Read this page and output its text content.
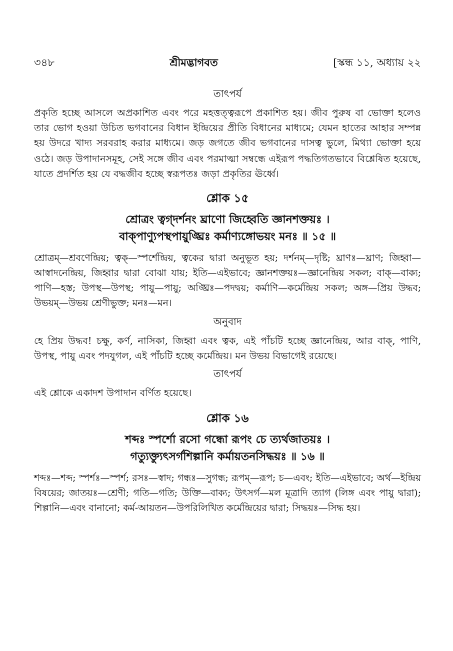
৩৪৮	শ্রীমদ্ভাগবত	[স্কন্ধ ১১, অধ্যায় ২২
তাৎপর্য

প্রকৃতি হচ্ছে আসলে অপ্রকাশিত এবং পরে মহত্তত্ত্বরূপে প্রকাশিত হয়। জীব পুরুষ বা ভোক্তা হলেও তার ভোগ হওয়া উচিত ভগবানের বিধান ইন্দ্রিয়ের প্রীতি বিধানের মাধ্যমে; যেমন হাতের আহার সম্পন্ন হয় উদরে খাদ্য সরবরাহ করার মাধ্যমে। জড় জগতে জীব ভগবানের দাসত্ব ভুলে, মিথ্যা ভোক্তা হয়ে ওঠে। জড় উপাদানসমূহ, সেই সঙ্গে জীব এবং পরমাত্মা সম্বন্ধে এইরূপ পদ্ধতিগতভাবে বিশ্লেষিত হয়েছে, যাতে প্রদর্শিত হয় যে বদ্ধজীব হচ্ছে স্বরূপতঃ জড়া প্রকৃতির ঊর্ধ্বে।

শ্লোক ১৫

শ্রোত্রং ত্বগ্‌দর্শনং ঘ্রাণো জিহ্বেতি জ্ঞানশক্তয়ঃ ।

বাক্‌পাণ্যুপস্থপায়ুঙ্ঘ্রিঃ কর্মাণ্যঙ্গোভয়ং মনঃ ॥ ১৫ ॥

শ্রোত্রম্—শ্রবণেন্দ্রিয়; ত্বক্—স্পর্শেন্দ্রিয়, ত্বকের দ্বারা অনুভূত হয়; দর্শনম্—দৃষ্টি; ঘ্রাণঃ—ঘ্রাণ; জিহ্বা—আস্বাদনেন্দ্রিয়, জিহ্বার দ্বারা বোঝা যায়; ইতি—এইভাবে; জ্ঞানশক্তয়ঃ—জ্ঞানেন্দ্রিয় সকল; বাক্—বাক্য; পাণি—হস্ত; উপস্থ—উপস্থ; পায়ু—পায়ু; অঙ্ঘ্রিঃ—পদদ্বয়; কর্মাণি—কর্মেন্দ্রিয় সকল; অঙ্গ—প্রিয় উদ্ধব; উভয়ম্—উভয় শ্রেণীভুক্ত; মনঃ—মন।

অনুবাদ

হে প্রিয় উদ্ধব! চক্ষু, কর্ণ, নাসিকা, জিহ্বা এবং ত্বক, এই পাঁচটি হচ্ছে জ্ঞানেন্দ্রিয়, আর বাক্, পাণি, উপস্থ, পায়ু এবং পদযুগল, এই পাঁচটি হচ্ছে কর্মেন্দ্রিয়। মন উভয় বিভাগেই রয়েছে।

তাৎপর্য

এই শ্লোকে একাদশ উপাদান বর্ণিত হয়েছে।

শ্লোক ১৬

শব্দঃ স্পর্শো রসো গন্ধো রূপং চে ত্যর্থজাতয়ঃ ।

গত্যুক্ত্যুৎসর্গশিল্পানি কর্মায়তনসিদ্ধয়ঃ ॥ ১৬ ॥

শব্দঃ—শব্দ; স্পর্শঃ—স্পর্শ; রসঃ—স্বাদ; গন্ধঃ—সুগন্ধ; রূপম্—রূপ; চ—এবং; ইতি—এইভাবে; অর্থ—ইন্দ্রিয় বিষয়ের; জাতয়ঃ—শ্রেণী; গতি—গতি; উক্তি—বাক্য; উৎসর্গ—মল মূত্রাদি ত্যাগ (লিঙ্গ এবং পায়ু দ্বারা); শিল্পানি—এবং বানানো; কর্ম-আয়তন—উপরিলিখিত কর্মেন্দ্রিয়ের দ্বারা; সিদ্ধয়ঃ—সিদ্ধ হয়।
